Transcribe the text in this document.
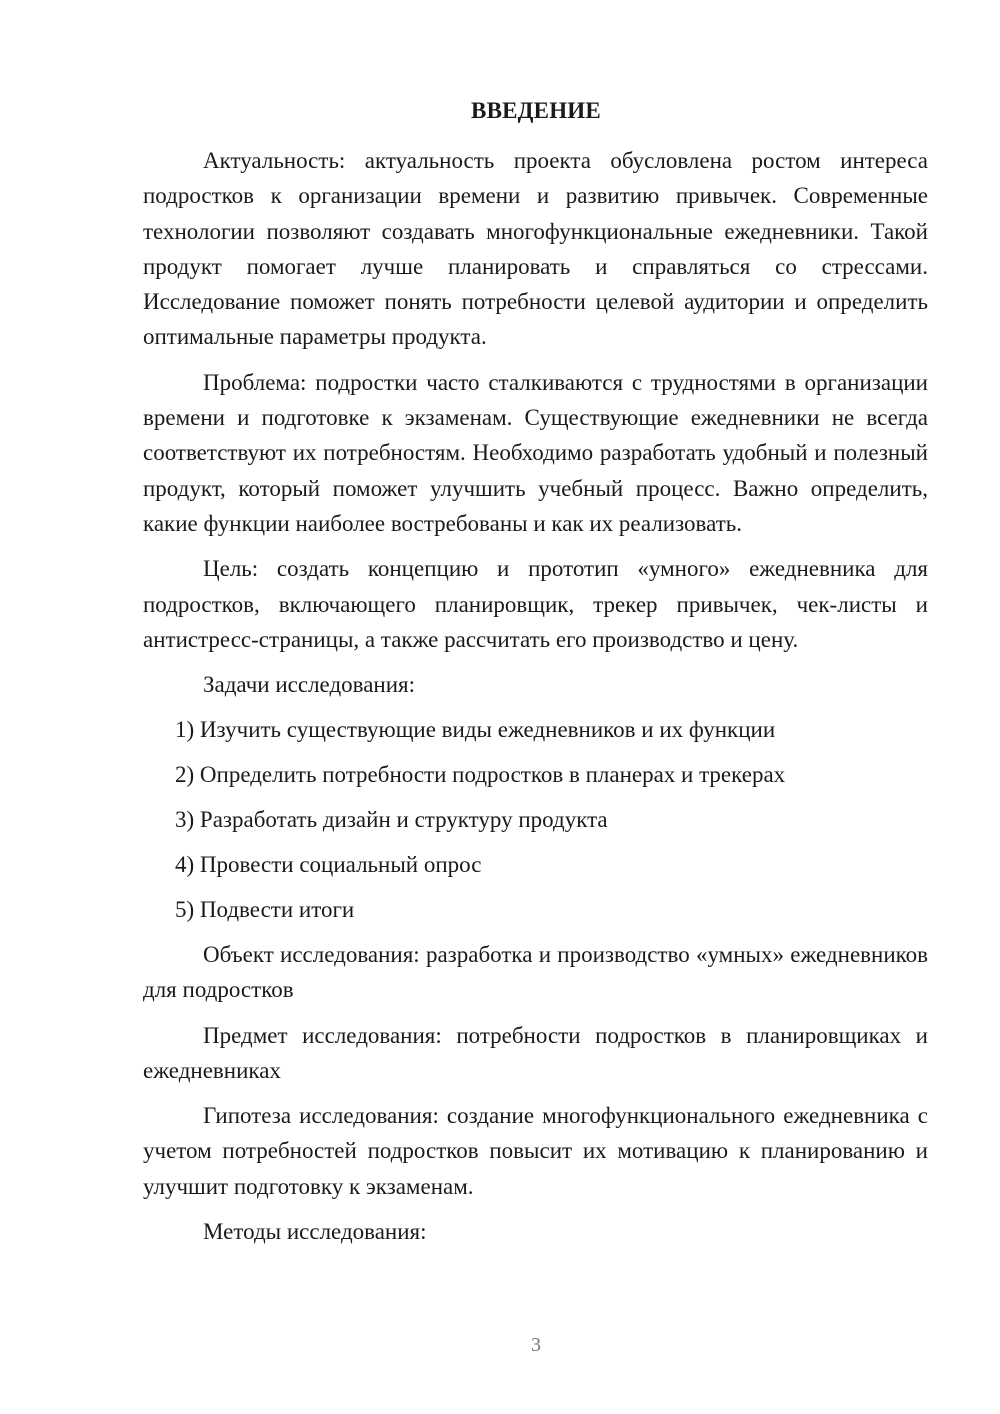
ВВЕДЕНИЕ

Актуальность: актуальность проекта обусловлена ростом интереса подростков к организации времени и развитию привычек. Современные технологии позволяют создавать многофункциональные ежедневники. Такой продукт помогает лучше планировать и справляться со стрессами. Исследование поможет понять потребности целевой аудитории и определить оптимальные параметры продукта.

Проблема: подростки часто сталкиваются с трудностями в организации времени и подготовке к экзаменам. Существующие ежедневники не всегда соответствуют их потребностям. Необходимо разработать удобный и полезный продукт, который поможет улучшить учебный процесс. Важно определить, какие функции наиболее востребованы и как их реализовать.

Цель: создать концепцию и прототип «умного» ежедневника для подростков, включающего планировщик, трекер привычек, чек-листы и антистресс-страницы, а также рассчитать его производство и цену.

Задачи исследования:

1) Изучить существующие виды ежедневников и их функции
2) Определить потребности подростков в планерах и трекерах
3) Разработать дизайн и структуру продукта
4) Провести социальный опрос
5) Подвести итоги

Объект исследования: разработка и производство «умных» ежедневников для подростков

Предмет исследования: потребности подростков в планировщиках и ежедневниках

Гипотеза исследования: создание многофункционального ежедневника с учетом потребностей подростков повысит их мотивацию к планированию и улучшит подготовку к экзаменам.

Методы исследования:

3
